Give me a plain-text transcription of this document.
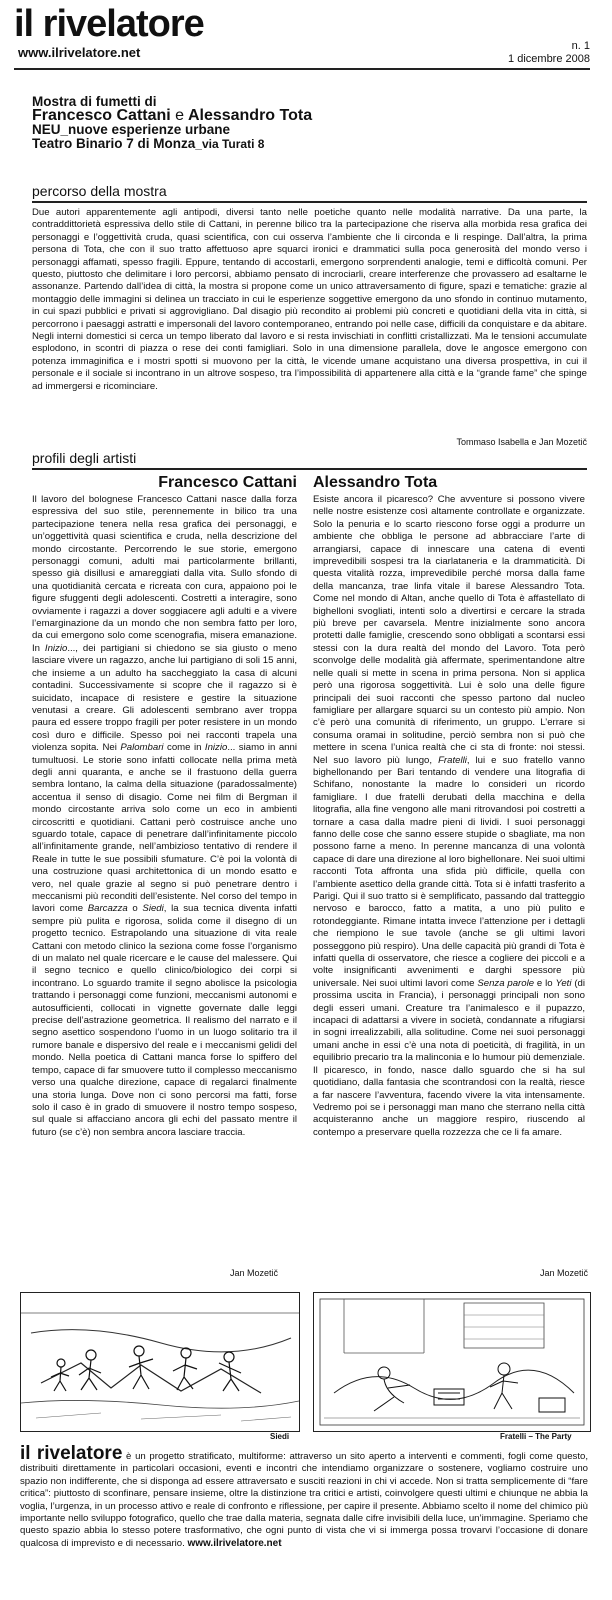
il rivelatore
www.ilrivelatore.net	n. 1
1 dicembre 2008
Mostra di fumetti di
Francesco Cattani e Alessandro Tota
NEU_nuove esperienze urbane
Teatro Binario 7 di Monza_via Turati 8
percorso della mostra

Due autori apparentemente agli antipodi, diversi tanto nelle poetiche quanto nelle modalità narrative. Da una parte, la contraddittorietà espressiva dello stile di Cattani, in perenne bilico tra la partecipazione che riserva alla morbida resa grafica dei personaggi e l’oggettività cruda, quasi scientifica, con cui osserva l’ambiente che li circonda e li respinge. Dall’altra, la prima persona di Tota, che con il suo tratto affettuoso apre squarci ironici e drammatici sulla poca generosità del mondo verso i personaggi affamati, spesso fragili. Eppure, tentando di accostarli, emergono sorprendenti analogie, temi e difficoltà comuni. Per questo, piuttosto che delimitare i loro percorsi, abbiamo pensato di incrociarli, creare interferenze che provassero ad esaltarne le assonanze. Partendo dall’idea di città, la mostra si propone come un unico attraversamento di figure, spazi e tematiche: grazie al montaggio delle immagini si delinea un tracciato in cui le esperienze soggettive emergono da uno sfondo in continuo mutamento, in cui spazi pubblici e privati si aggrovigliano. Dal disagio più recondito ai problemi più concreti e quotidiani della vita in città, si percorrono i paesaggi astratti e impersonali del lavoro contemporaneo, entrando poi nelle case, difficili da conquistare e da abitare. Negli interni domestici si cerca un tempo liberato dal lavoro e si resta invischiati in conflitti cristallizzati. Ma le tensioni accumulate esplodono, in scontri di piazza o rese dei conti famigliari. Solo in una dimensione parallela, dove le angosce emergono con potenza immaginifica e i mostri spotti si muovono per la città, le vicende umane acquistano una diversa prospettiva, in cui il personale e il sociale si incontrano in un altrove sospeso, tra l’impossibilità di appartenere alla città e la “grande fame” che spinge ad immergersi e ricominciare.

Tommaso Isabella e Jan Mozetič
profili degli artisti
Francesco Cattani

Il lavoro del bolognese Francesco Cattani nasce dalla forza espressiva del suo stile, perennemente in bilico tra una partecipazione tenera nella resa grafica dei personaggi, e un’oggettività quasi scientifica e cruda, nella descrizione del mondo circostante. Percorrendo le sue storie, emergono personaggi comuni, adulti mai particolarmente brillanti, spesso già disillusi e amareggiati dalla vita. Sullo sfondo di una quotidianità cercata e ricreata con cura, appaiono poi le figure sfuggenti degli adolescenti. Costretti a interagire, sono ovviamente i ragazzi a dover soggiacere agli adulti e a vivere l’emarginazione da un mondo che non sembra fatto per loro, da cui emergono solo come scenografia, misera emanazione. In Inizio..., dei partigiani si chiedono se sia giusto o meno lasciare vivere un ragazzo, anche lui partigiano di soli 15 anni, che insieme a un adulto ha saccheggiato la casa di alcuni contadini. Successivamente si scopre che il ragazzo si è suicidato, incapace di resistere e gestire la situazione venutasi a creare. Gli adolescenti sembrano aver troppa paura ed essere troppo fragili per poter resistere in un mondo così duro e difficile. Spesso poi nei racconti trapela una violenza sopita. Nei Palombari come in Inizio... siamo in anni tumultuosi. Le storie sono infatti collocate nella prima metà degli anni quaranta, e anche se il frastuono della guerra sembra lontano, la calma della situazione (paradossalmente) accentua il senso di disagio. Come nei film di Bergman il mondo circostante arriva solo come un eco in ambienti circoscritti e quotidiani. Cattani però costruisce anche uno sguardo totale, capace di penetrare dall’infinitamente piccolo all’infinitamente grande, nell’ambizioso tentativo di rendere il Reale in tutte le sue possibili sfumature. C’è poi la volontà di una costruzione quasi architettonica di un mondo esatto e vero, nel quale grazie al segno si può penetrare dentro i meccanismi più reconditi dell’esistente. Nel corso del tempo in lavori come Barcazza o Siedi, la sua tecnica diventa infatti sempre più pulita e rigorosa, solida come il disegno di un progetto tecnico. Estrapolando una situazione di vita reale Cattani con metodo clinico la seziona come fosse l’organismo di un malato nel quale ricercare e le cause del malessere. Qui il segno tecnico e quello clinico/biologico dei corpi si incontrano. Lo sguardo tramite il segno abolisce la psicologia trattando i personaggi come funzioni, meccanismi autonomi e autosufficienti, collocati in vignette governate dalle leggi precise dell’astrazione geometrica. Il realismo del narrato e il segno asettico sospendono l’uomo in un luogo solitario tra il rumore banale e dispersivo del reale e i meccanismi gelidi del mondo. Nella poetica di Cattani manca forse lo spiffero del tempo, capace di far smuovere tutto il complesso meccanismo verso una qualche direzione, capace di regalarci finalmente una storia lunga. Dove non ci sono percorsi ma fatti, forse solo il caso è in grado di smuovere il nostro tempo sospeso, sul quale si affacciano ancora gli echi del passato mentre il futuro (se c’è) non sembra ancora lasciare traccia.

Jan Mozetič
Alessandro Tota

Esiste ancora il picaresco? Che avventure si possono vivere nelle nostre esistenze così altamente controllate e organizzate. Solo la penuria e lo scarto riescono forse oggi a produrre un ambiente che obbliga le persone ad abbracciare l’arte di arrangiarsi, capace di innescare una catena di eventi imprevedibili sospesi tra la ciarlataneria e la drammaticità. Di questa vitalità rozza, imprevedibile perché morsa dalla fame della mancanza, trae linfa vitale il barese Alessandro Tota. Come nel mondo di Altan, anche quello di Tota è affastellato di bighelloni svogliati, intenti solo a divertirsi e cercare la strada più breve per cavarsela. Mentre inizialmente sono ancora protetti dalle famiglie, crescendo sono obbligati a scontarsi essi stessi con la dura realtà del mondo del Lavoro. Tota però sconvolge delle modalità già affermate, sperimentandone altre nelle quali si mette in scena in prima persona. Non si applica però una rigorosa soggettività. Lui è solo una delle figure principali dei suoi racconti che spesso partono dal nucleo famigliare per allargare squarci su un contesto più ampio. Non c’è però una comunità di riferimento, un gruppo. L’errare si consuma oramai in solitudine, perciò sembra non si può che mettere in scena l’unica realtà che ci sta di fronte: noi stessi. Nel suo lavoro più lungo, Fratelli, lui e suo fratello vanno bighellonando per Bari tentando di vendere una litografia di Schifano, nonostante la madre lo consideri un ricordo famigliare. I due fratelli derubati della macchina e della litografia, alla fine vengono alle mani ritrovandosi poi costretti a tornare a casa dalla madre pieni di lividi. I suoi personaggi fanno delle cose che sanno essere stupide o sbagliate, ma non possono farne a meno. In perenne mancanza di una volontà capace di dare una direzione al loro bighellonare. Nei suoi ultimi racconti Tota affronta una sfida più difficile, quella con l’ambiente asettico della grande città. Tota si è infatti trasferito a Parigi. Qui il suo tratto si è semplificato, passando dal tratteggio nervoso e barocco, fatto a matita, a uno più pulito e rotondeggiante. Rimane intatta invece l’attenzione per i dettagli che riempiono le sue tavole (anche se gli ultimi lavori posseggono più respiro). Una delle capacità più grandi di Tota è infatti quella di osservatore, che riesce a cogliere dei piccoli e a volte insignificanti avvenimenti e darghi spessore più universale. Nei suoi ultimi lavori come Senza parole e lo Yeti (di prossima uscita in Francia), i personaggi principali non sono degli esseri umani. Creature tra l’animalesco e il pupazzo, incapaci di adattarsi a vivere in società, condannate a rifugiarsi in sogni irrealizzabili, alla solitudine. Come nei suoi personaggi umani anche in essi c’è una nota di poeticità, di fragilità, in un equilibrio precario tra la malinconia e lo humour più demenziale. Il picaresco, in fondo, nasce dallo sguardo che si ha sul quotidiano, dalla fantasia che scontrandosi con la realtà, riesce a far nascere l’avventura, facendo vivere la vita intensamente. Vedremo poi se i personaggi man mano che sterrano nella città acquisteranno anche un maggiore respiro, riuscendo al contempo a preservare quella rozzezza che ce li fa amare.

Jan Mozetič
Siedi	Fratelli – The Party

il rivelatore è un progetto stratificato, multiforme: attraverso un sito aperto a interventi e commenti, fogli come questo, distribuiti direttamente in particolari occasioni, eventi e incontri che intendiamo organizzare o sostenere, vogliamo costruire uno spazio non indifferente, che si disponga ad essere attraversato e susciti reazioni in chi vi accede. Non si tratta semplicemente di “fare critica”: piuttosto di sconfinare, pensare insieme, oltre la distinzione tra critici e artisti, coinvolgere questi ultimi e chiunque ne abbia la voglia, l’urgenza, in un processo attivo e reale di confronto e riflessione, per capire il presente. Abbiamo scelto il nome del chimico più importante nello sviluppo fotografico, quello che trae dalla materia, segnata dalle cifre invisibili della luce, un’immagine. Speriamo che questo spazio abbia lo stesso potere trasformativo, che ogni punto di vista che vi si immerga possa trovarvi l’occasione di donare qualcosa di imprevisto e di necessario. www.ilrivelatore.net
